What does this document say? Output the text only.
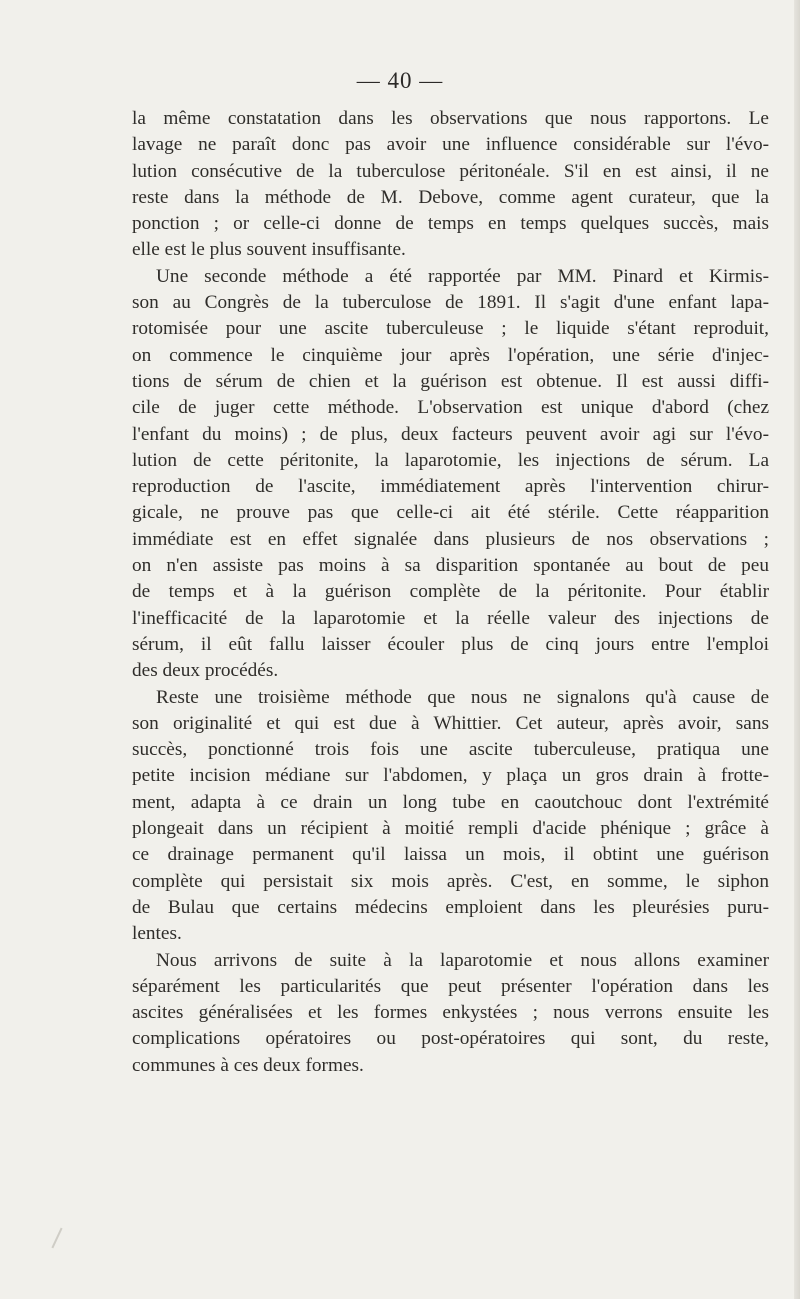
— 40 —

la même constatation dans les observations que nous rapportons. Le
lavage ne paraît donc pas avoir une influence considérable sur l'évo-
lution consécutive de la tuberculose péritonéale. S'il en est ainsi, il ne
reste dans la méthode de M. Debove, comme agent curateur, que la
ponction ; or celle-ci donne de temps en temps quelques succès, mais
elle est le plus souvent insuffisante.

Une seconde méthode a été rapportée par MM. Pinard et Kirmis-
son au Congrès de la tuberculose de 1891. Il s'agit d'une enfant lapa-
rotomisée pour une ascite tuberculeuse ; le liquide s'étant reproduit,
on commence le cinquième jour après l'opération, une série d'injec-
tions de sérum de chien et la guérison est obtenue. Il est aussi diffi-
cile de juger cette méthode. L'observation est unique d'abord (chez
l'enfant du moins) ; de plus, deux facteurs peuvent avoir agi sur l'évo-
lution de cette péritonite, la laparotomie, les injections de sérum. La
reproduction de l'ascite, immédiatement après l'intervention chirur-
gicale, ne prouve pas que celle-ci ait été stérile. Cette réapparition
immédiate est en effet signalée dans plusieurs de nos observations ;
on n'en assiste pas moins à sa disparition spontanée au bout de peu
de temps et à la guérison complète de la péritonite. Pour établir
l'inefficacité de la laparotomie et la réelle valeur des injections de
sérum, il eût fallu laisser écouler plus de cinq jours entre l'emploi
des deux procédés.

Reste une troisième méthode que nous ne signalons qu'à cause de
son originalité et qui est due à Whittier. Cet auteur, après avoir, sans
succès, ponctionné trois fois une ascite tuberculeuse, pratiqua une
petite incision médiane sur l'abdomen, y plaça un gros drain à frotte-
ment, adapta à ce drain un long tube en caoutchouc dont l'extrémité
plongeait dans un récipient à moitié rempli d'acide phénique ; grâce à
ce drainage permanent qu'il laissa un mois, il obtint une guérison
complète qui persistait six mois après. C'est, en somme, le siphon
de Bulau que certains médecins emploient dans les pleurésies puru-
lentes.

Nous arrivons de suite à la laparotomie et nous allons examiner
séparément les particularités que peut présenter l'opération dans les
ascites généralisées et les formes enkystées ; nous verrons ensuite les
complications opératoires ou post-opératoires qui sont, du reste,
communes à ces deux formes.
